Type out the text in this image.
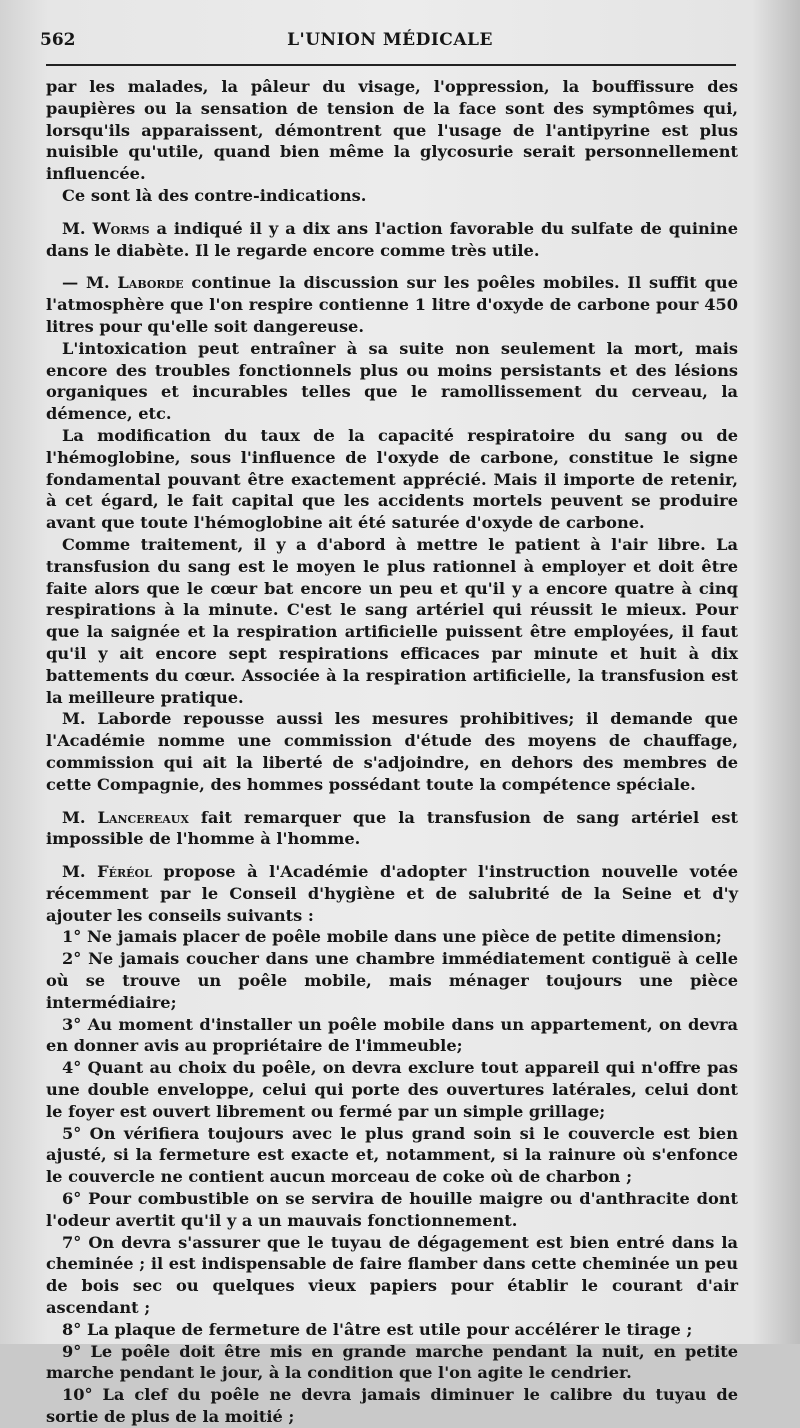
562	L'UNION MÉDICALE

par les malades, la pâleur du visage, l'oppression, la bouffissure des paupières ou la sensation de tension de la face sont des symptômes qui, lorsqu'ils apparaissent, démontrent que l'usage de l'antipyrine est plus nuisible qu'utile, quand bien même la glycosurie serait personnellement influencée.

Ce sont là des contre-indications.

M. Worms a indiqué il y a dix ans l'action favorable du sulfate de quinine dans le diabète. Il le regarde encore comme très utile.

— M. Laborde continue la discussion sur les poêles mobiles. Il suffit que l'atmosphère que l'on respire contienne 1 litre d'oxyde de carbone pour 450 litres pour qu'elle soit dangereuse.

L'intoxication peut entraîner à sa suite non seulement la mort, mais encore des troubles fonctionnels plus ou moins persistants et des lésions organiques et incurables telles que le ramollissement du cerveau, la démence, etc.

La modification du taux de la capacité respiratoire du sang ou de l'hémoglobine, sous l'influence de l'oxyde de carbone, constitue le signe fondamental pouvant être exactement apprécié. Mais il importe de retenir, à cet égard, le fait capital que les accidents mortels peuvent se produire avant que toute l'hémoglobine ait été saturée d'oxyde de carbone.

Comme traitement, il y a d'abord à mettre le patient à l'air libre. La transfusion du sang est le moyen le plus rationnel à employer et doit être faite alors que le cœur bat encore un peu et qu'il y a encore quatre à cinq respirations à la minute. C'est le sang artériel qui réussit le mieux. Pour que la saignée et la respiration artificielle puissent être employées, il faut qu'il y ait encore sept respirations efficaces par minute et huit à dix battements du cœur. Associée à la respiration artificielle, la transfusion est la meilleure pratique.

M. Laborde repousse aussi les mesures prohibitives; il demande que l'Académie nomme une commission d'étude des moyens de chauffage, commission qui ait la liberté de s'adjoindre, en dehors des membres de cette Compagnie, des hommes possédant toute la compétence spéciale.

M. Lancereaux fait remarquer que la transfusion de sang artériel est impossible de l'homme à l'homme.

M. Féréol propose à l'Académie d'adopter l'instruction nouvelle votée récemment par le Conseil d'hygiène et de salubrité de la Seine et d'y ajouter les conseils suivants :

1° Ne jamais placer de poêle mobile dans une pièce de petite dimension;

2° Ne jamais coucher dans une chambre immédiatement contiguë à celle où se trouve un poêle mobile, mais ménager toujours une pièce intermédiaire;

3° Au moment d'installer un poêle mobile dans un appartement, on devra en donner avis au propriétaire de l'immeuble;

4° Quant au choix du poêle, on devra exclure tout appareil qui n'offre pas une double enveloppe, celui qui porte des ouvertures latérales, celui dont le foyer est ouvert librement ou fermé par un simple grillage;

5° On vérifiera toujours avec le plus grand soin si le couvercle est bien ajusté, si la fermeture est exacte et, notamment, si la rainure où s'enfonce le couvercle ne contient aucun morceau de coke où de charbon ;

6° Pour combustible on se servira de houille maigre ou d'anthracite dont l'odeur avertit qu'il y a un mauvais fonctionnement.

7° On devra s'assurer que le tuyau de dégagement est bien entré dans la cheminée ; il est indispensable de faire flamber dans cette cheminée un peu de bois sec ou quelques vieux papiers pour établir le courant d'air ascendant ;

8° La plaque de fermeture de l'âtre est utile pour accélérer le tirage ;

9° Le poêle doit être mis en grande marche pendant la nuit, en petite marche pendant le jour, à la condition que l'on agite le cendrier.

10° La clef du poêle ne devra jamais diminuer le calibre du tuyau de sortie de plus de la moitié ;
